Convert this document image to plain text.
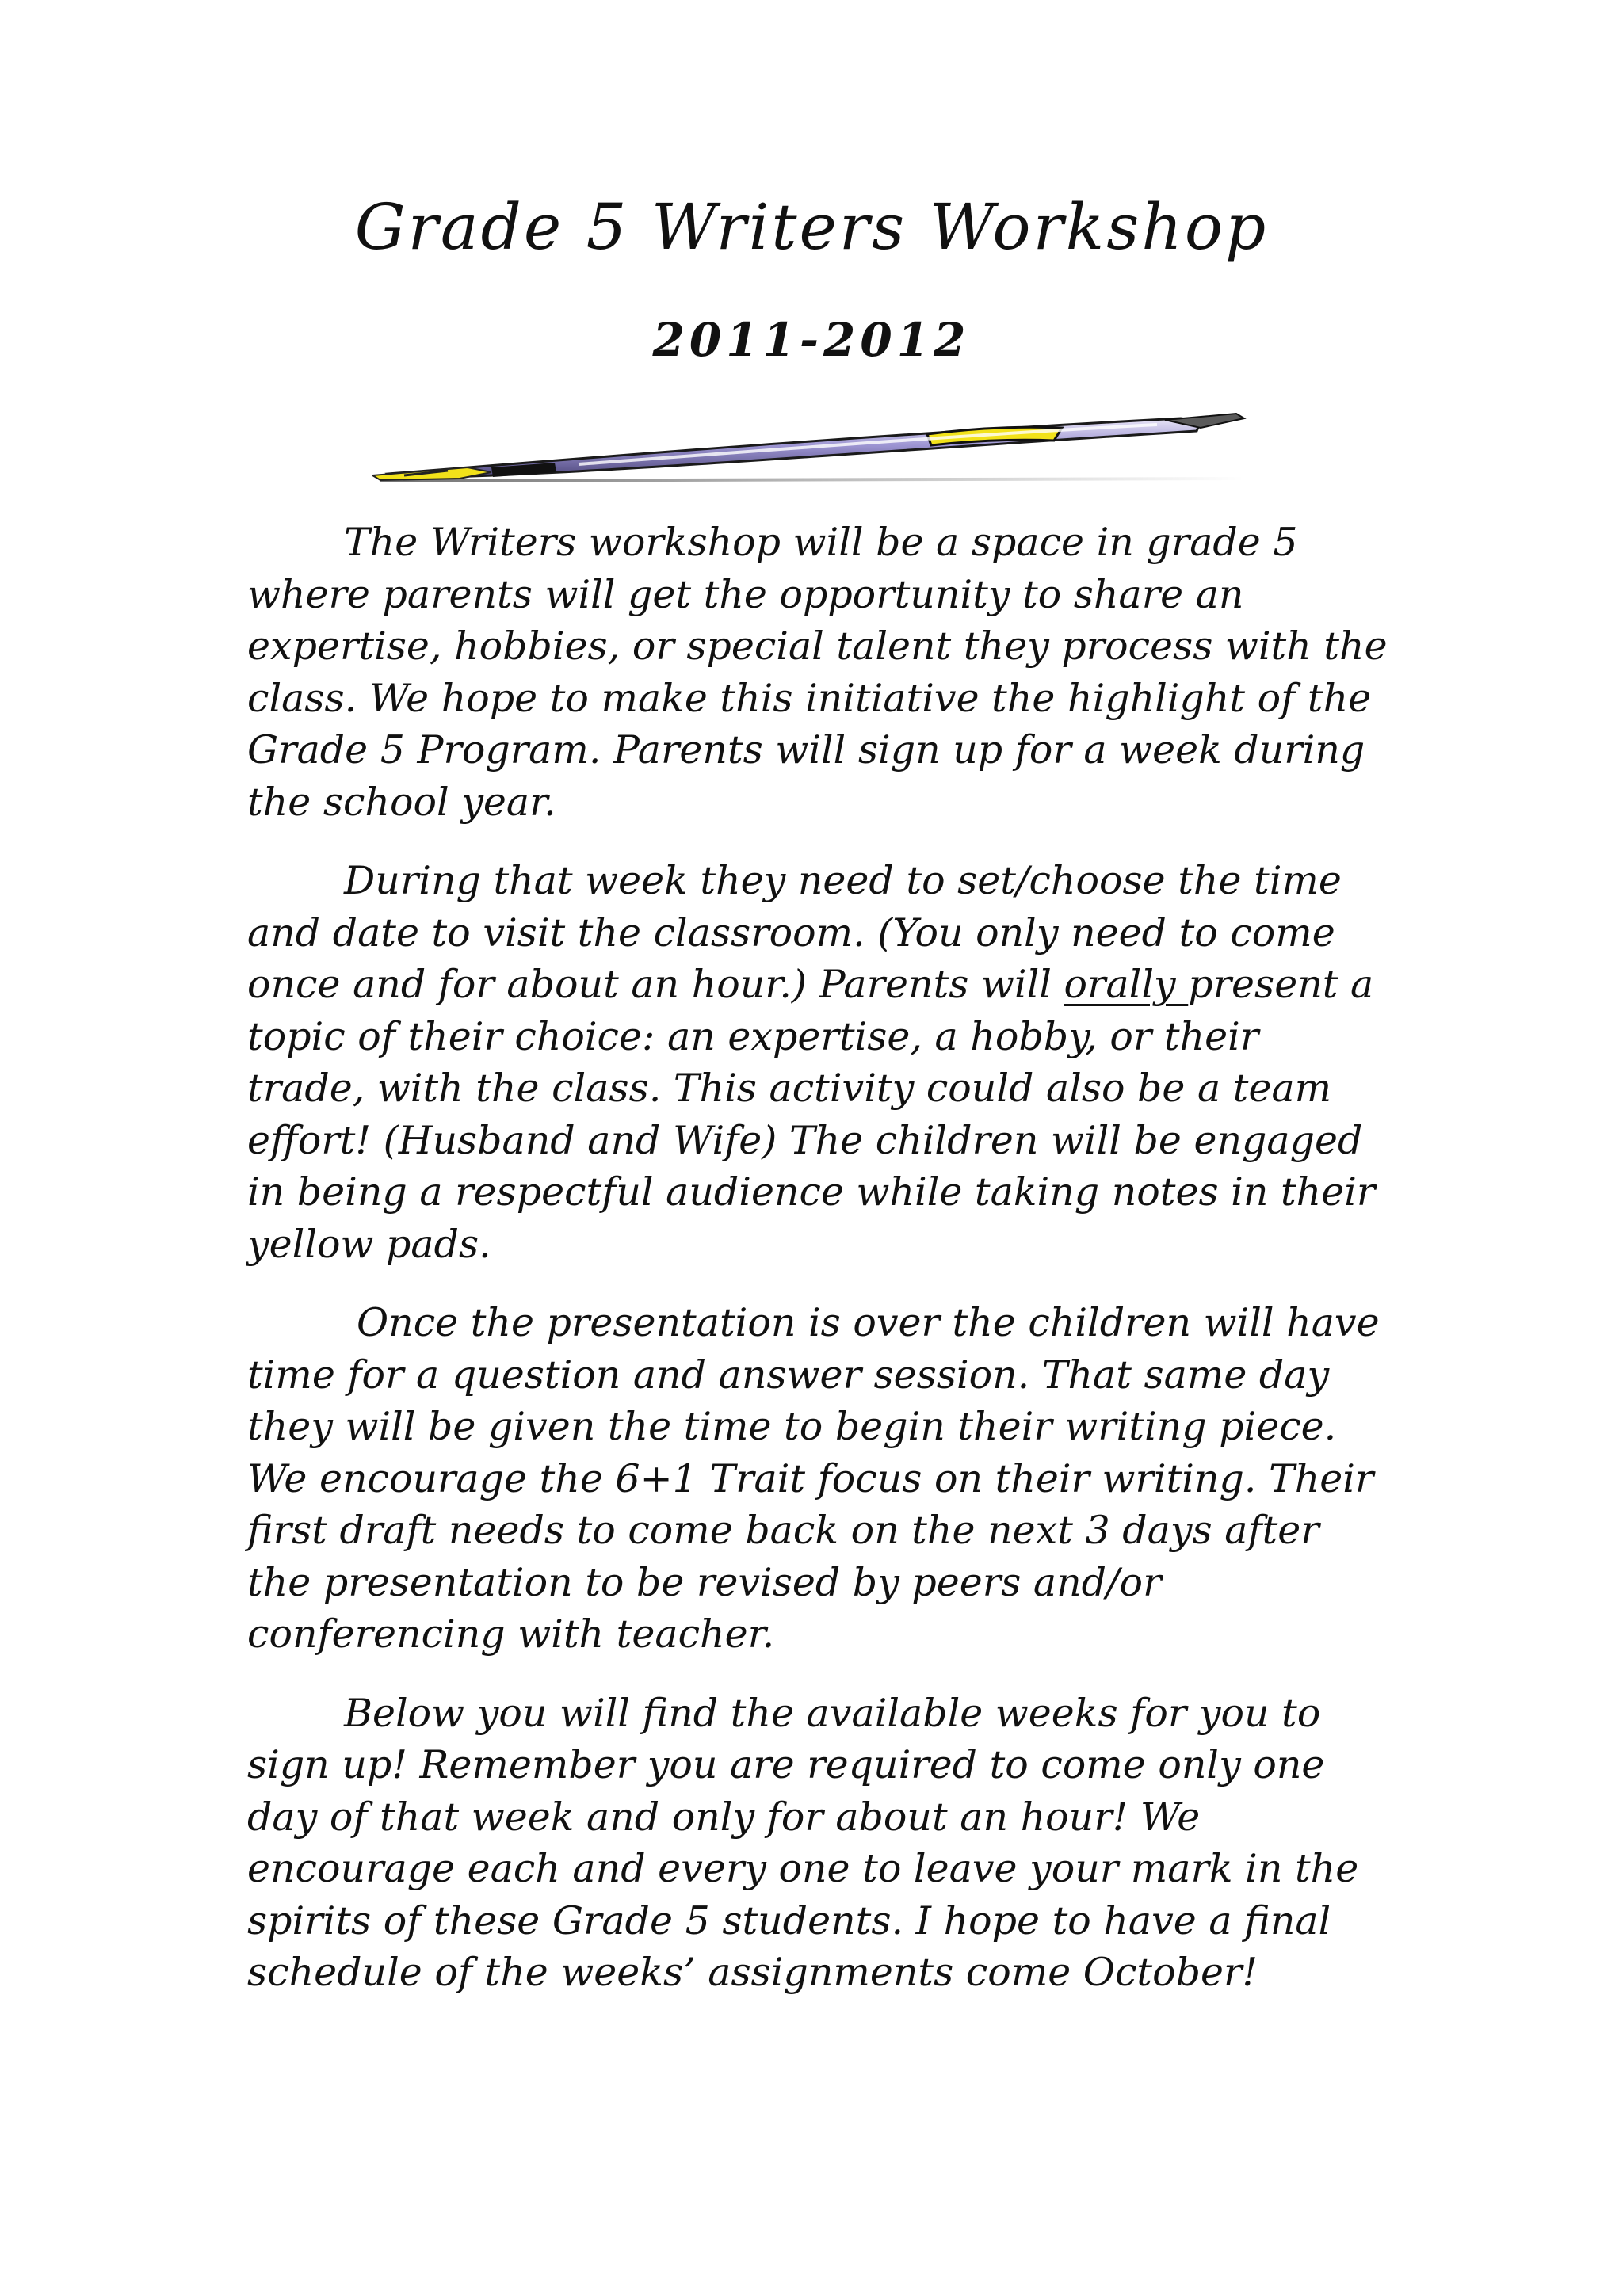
Grade 5 Writers Workshop
2011-2012

The Writers workshop will be a space in grade 5 where parents will get the opportunity to share an expertise, hobbies, or special talent they process with the class. We hope to make this initiative the highlight of the Grade 5 Program. Parents will sign up for a week during the school year.

During that week they need to set/choose the time and date to visit the classroom. (You only need to come once and for about an hour.) Parents will orally present a topic of their choice: an expertise, a hobby, or their trade, with the class. This activity could also be a team effort! (Husband and Wife) The children will be engaged in being a respectful audience while taking notes in their yellow pads.

Once the presentation is over the children will have time for a question and answer session. That same day they will be given the time to begin their writing piece. We encourage the 6+1 Trait focus on their writing. Their first draft needs to come back on the next 3 days after the presentation to be revised by peers and/or conferencing with teacher.

Below you will find the available weeks for you to sign up! Remember you are required to come only one day of that week and only for about an hour! We encourage each and every one to leave your mark in the spirits of these Grade 5 students. I hope to have a final schedule of the weeks’ assignments come October!
